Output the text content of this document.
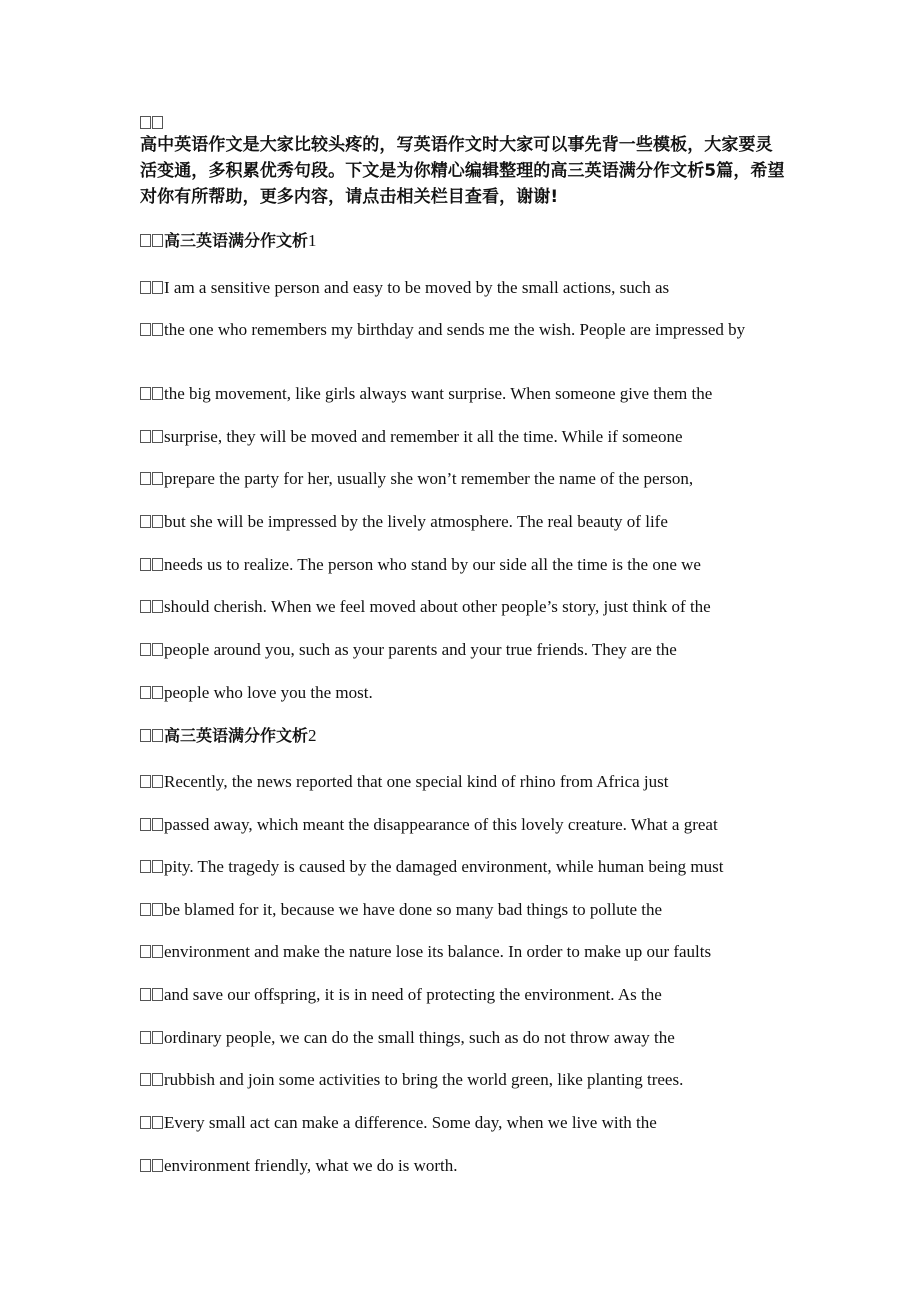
高中英语作文是大家比较头疼的，写英语作文时大家可以事先背一些模板，大家要灵活变通，多积累优秀句段。下文是为你精心编辑整理的高三英语满分作文析5篇，希望对你有所帮助，更多内容，请点击相关栏目查看，谢谢!
高三英语满分作文析1
I am a sensitive person and easy to be moved by the small actions, such as
the one who remembers my birthday and sends me the wish. People are impressed by
the big movement, like girls always want surprise. When someone give them the
surprise, they will be moved and remember it all the time. While if someone
prepare the party for her, usually she won’t remember the name of the person,
but she will be impressed by the lively atmosphere. The real beauty of life
needs us to realize. The person who stand by our side all the time is the one we
should cherish. When we feel moved about other people’s story, just think of the
people around you, such as your parents and your true friends. They are the
people who love you the most.
高三英语满分作文析2
Recently, the news reported that one special kind of rhino from Africa just
passed away, which meant the disappearance of this lovely creature. What a great
pity. The tragedy is caused by the damaged environment, while human being must
be blamed for it, because we have done so many bad things to pollute the
environment and make the nature lose its balance. In order to make up our faults
and save our offspring, it is in need of protecting the environment. As the
ordinary people, we can do the small things, such as do not throw away the
rubbish and join some activities to bring the world green, like planting trees.
Every small act can make a difference. Some day, when we live with the
environment friendly, what we do is worth.
